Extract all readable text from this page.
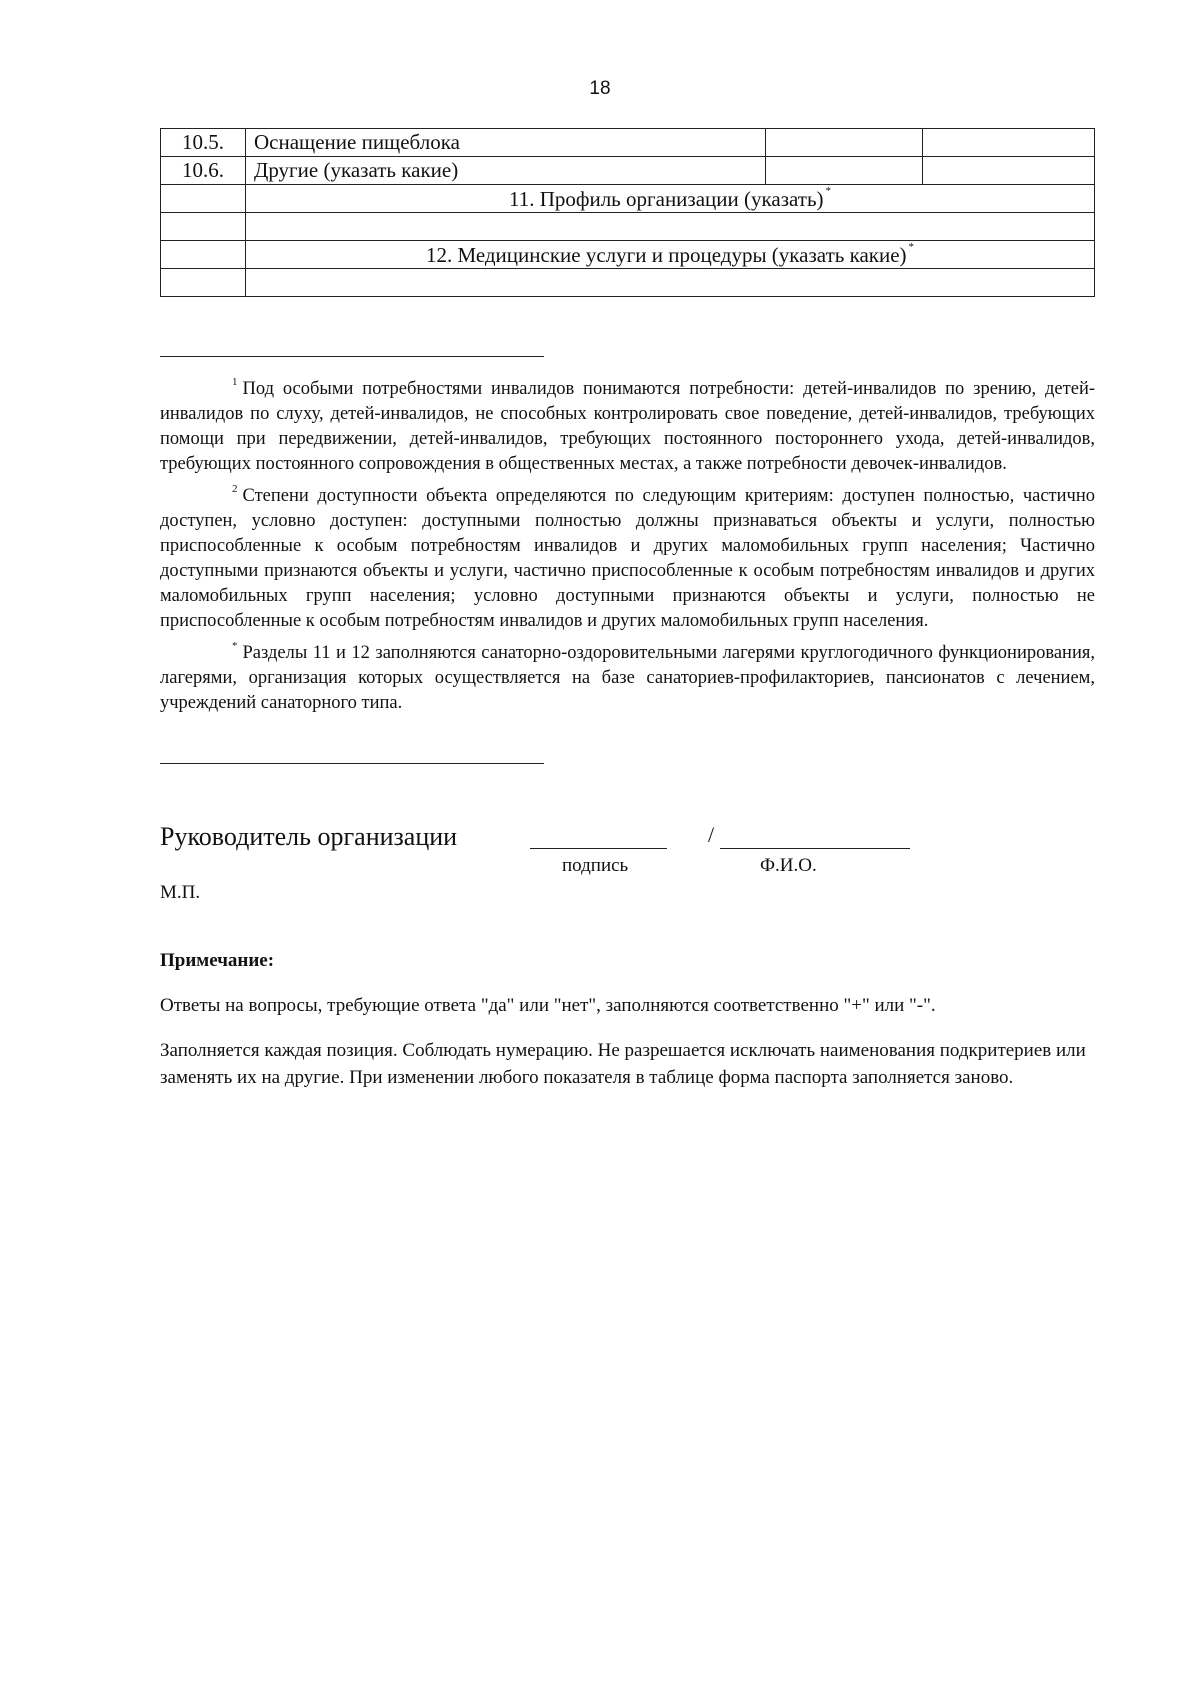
18
10.5.	Оснащение пищеблока		
10.6.	Другие (указать какие)		
	11. Профиль организации (указать) *

	12. Медицинские услуги и процедуры (указать какие) *

$^1$ Под особыми потребностями инвалидов понимаются потребности: детей-инвалидов по зрению, детей-инвалидов по слуху, детей-инвалидов, не способных контролировать свое поведение, детей-инвалидов, требующих помощи при передвижении, детей-инвалидов, требующих постоянного постороннего ухода, детей-инвалидов, требующих постоянного сопровождения в общественных местах, а также потребности девочек-инвалидов.

$^2$ Степени доступности объекта определяются по следующим критериям: доступен полностью, частично доступен, условно доступен: доступными полностью должны признаваться объекты и услуги, полностью приспособленные к особым потребностям инвалидов и других маломобильных групп населения; Частично доступными признаются объекты и услуги, частично приспособленные к особым потребностям инвалидов и других маломобильных групп населения; условно доступными признаются объекты и услуги, полностью не приспособленные к особым потребностям инвалидов и других маломобильных групп населения.

* Разделы 11 и 12 заполняются санаторно-оздоровительными лагерями круглогодичного функционирования, лагерями, организация которых осуществляется на базе санаториев-профилакториев, пансионатов с лечением, учреждений санаторного типа.

Руководитель организации	/
подпись	Ф.И.О.
М.П.
Примечание:

Ответы на вопросы, требующие ответа "да" или "нет", заполняются соответственно "+" или "-".

Заполняется каждая позиция. Соблюдать нумерацию. Не разрешается исключать наименования подкритериев или заменять их на другие. При изменении любого показателя в таблице форма паспорта заполняется заново.
